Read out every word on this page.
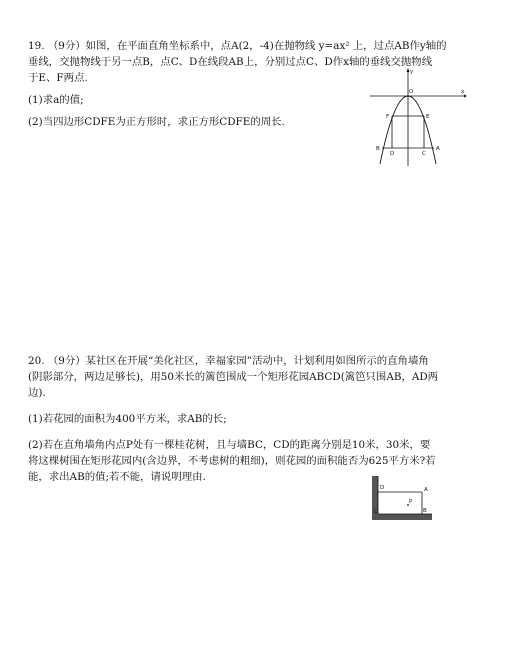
19. （9分）如图，在平面直角坐标系中，点A(2，-4)在抛物线 y=ax² 上，过点AB作y轴的

垂线，交抛物线于另一点B，点C、D在线段AB上，分别过点C、D作x轴的垂线交抛物线

于E、F两点.

(1)求a的值;

(2)当四边形CDFE为正方形时，求正方形CDFE的周长.

y
x
O
F	E
B
D	C
A

20. （9分）某社区在开展“美化社区，幸福家园”活动中，计划利用如图所示的直角墙角

(阴影部分，两边足够长)，用50米长的篱笆围成一个矩形花园ABCD(篱笆只围AB，AD两

边).

(1)若花园的面积为400平方米，求AB的长;

(2)若在直角墙角内点P处有一棵桂花树，且与墙BC，CD的距离分别是10米，30米，要

将这棵树围在矩形花园内(含边界，不考虑树的粗细)，则花园的面积能否为625平方米?若

能，求出AB的值;若不能，请说明理由.

D
P
A
C	B
